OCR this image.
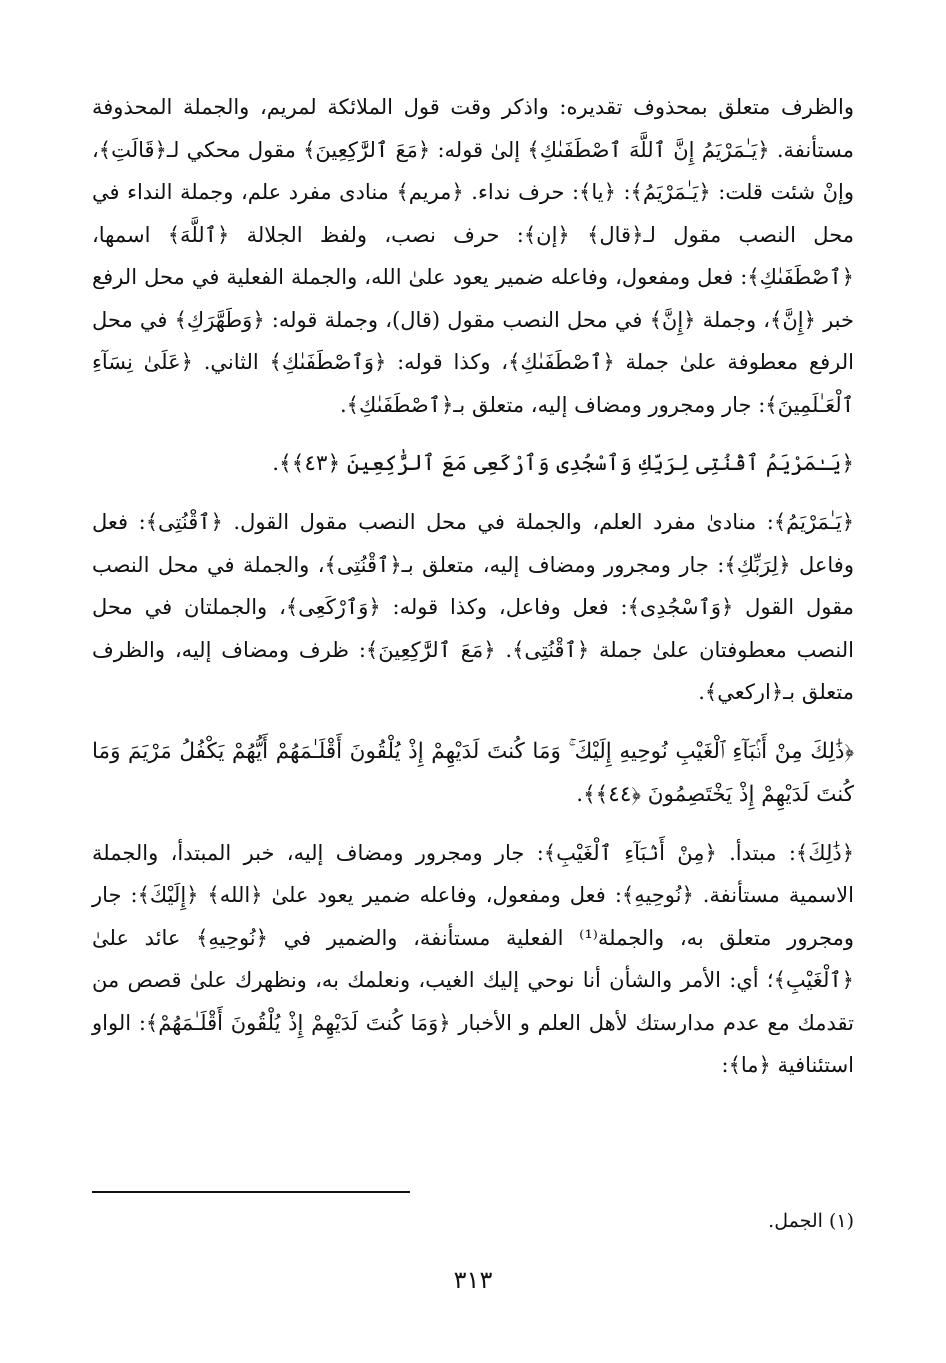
والظرف متعلق بمحذوف تقديره: واذكر وقت قول الملائكة لمريم، والجملة المحذوفة مستأنفة. ﴿يَـٰمَرْيَمُ إِنَّ ٱللَّهَ ٱصْطَفَىٰكِ﴾ إلىٰ قوله: ﴿مَعَ ٱلرَّٰكِعِينَ﴾ مقول محكي لـ﴿قَالَتِ﴾، وإنْ شئت قلت: ﴿يَـٰمَرْيَمُ﴾: ﴿يا﴾: حرف نداء. ﴿مريم﴾ منادى مفرد علم، وجملة النداء في محل النصب مقول لـ﴿قال﴾ ﴿إن﴾: حرف نصب، ولفظ الجلالة ﴿ٱللَّهَ﴾ اسمها، ﴿ٱصْطَفَىٰكِ﴾: فعل ومفعول، وفاعله ضمير يعود علىٰ الله، والجملة الفعلية في محل الرفع خبر ﴿إِنَّ﴾، وجملة ﴿إِنَّ﴾ في محل النصب مقول (قال)، وجملة قوله: ﴿وَطَهَّرَكِ﴾ في محل الرفع معطوفة علىٰ جملة ﴿ٱصْطَفَىٰكِ﴾، وكذا قوله: ﴿وَٱصْطَفَىٰكِ﴾ الثاني. ﴿عَلَىٰ نِسَآءِ ٱلْعَـٰلَمِينَ﴾: جار ومجرور ومضاف إليه، متعلق بـ﴿ٱصْطَفَىٰكِ﴾.

﴿يَـٰمَرْيَمُ ٱقْنُتِى لِرَبِّكِ وَٱسْجُدِى وَٱرْكَعِى مَعَ ٱلرَّٰكِعِينَ ﴿٤٣﴾﴾.

﴿يَـٰمَرْيَمُ﴾: منادىٰ مفرد العلم، والجملة في محل النصب مقول القول. ﴿ٱقْنُتِى﴾: فعل وفاعل ﴿لِرَبِّكِ﴾: جار ومجرور ومضاف إليه، متعلق بـ﴿ٱقْنُتِى﴾، والجملة في محل النصب مقول القول ﴿وَٱسْجُدِى﴾: فعل وفاعل، وكذا قوله: ﴿وَٱرْكَعِى﴾، والجملتان في محل النصب معطوفتان علىٰ جملة ﴿ٱقْنُتِى﴾. ﴿مَعَ ٱلرَّٰكِعِينَ﴾: ظرف ومضاف إليه، والظرف متعلق بـ﴿اركعي﴾.

﴿ذَٰلِكَ مِنْ أَنۢبَآءِ ٱلْغَيْبِ نُوحِيهِ إِلَيْكَ ۚ وَمَا كُنتَ لَدَيْهِمْ إِذْ يُلْقُونَ أَقْلَـٰمَهُمْ أَيُّهُمْ يَكْفُلُ مَرْيَمَ وَمَا كُنتَ لَدَيْهِمْ إِذْ يَخْتَصِمُونَ ﴿٤٤﴾﴾.

﴿ذَٰلِكَ﴾: مبتدأ. ﴿مِنْ أَنۢبَآءِ ٱلْغَيْبِ﴾: جار ومجرور ومضاف إليه، خبر المبتدأ، والجملة الاسمية مستأنفة. ﴿نُوحِيهِ﴾: فعل ومفعول، وفاعله ضمير يعود علىٰ ﴿الله﴾ ﴿إِلَيْكَ﴾: جار ومجرور متعلق به، والجملة⁽¹⁾ الفعلية مستأنفة، والضمير في ﴿نُوحِيهِ﴾ عائد علىٰ ﴿ٱلْغَيْبِ﴾؛ أي: الأمر والشأن أنا نوحي إليك الغيب، ونعلمك به، ونظهرك علىٰ قصص من تقدمك مع عدم مدارستك لأهل العلم و الأخبار ﴿وَمَا كُنتَ لَدَيْهِمْ إِذْ يُلْقُونَ أَقْلَـٰمَهُمْ﴾: الواو استئنافية ﴿ما﴾:

(١) الجمل.
٣١٣
